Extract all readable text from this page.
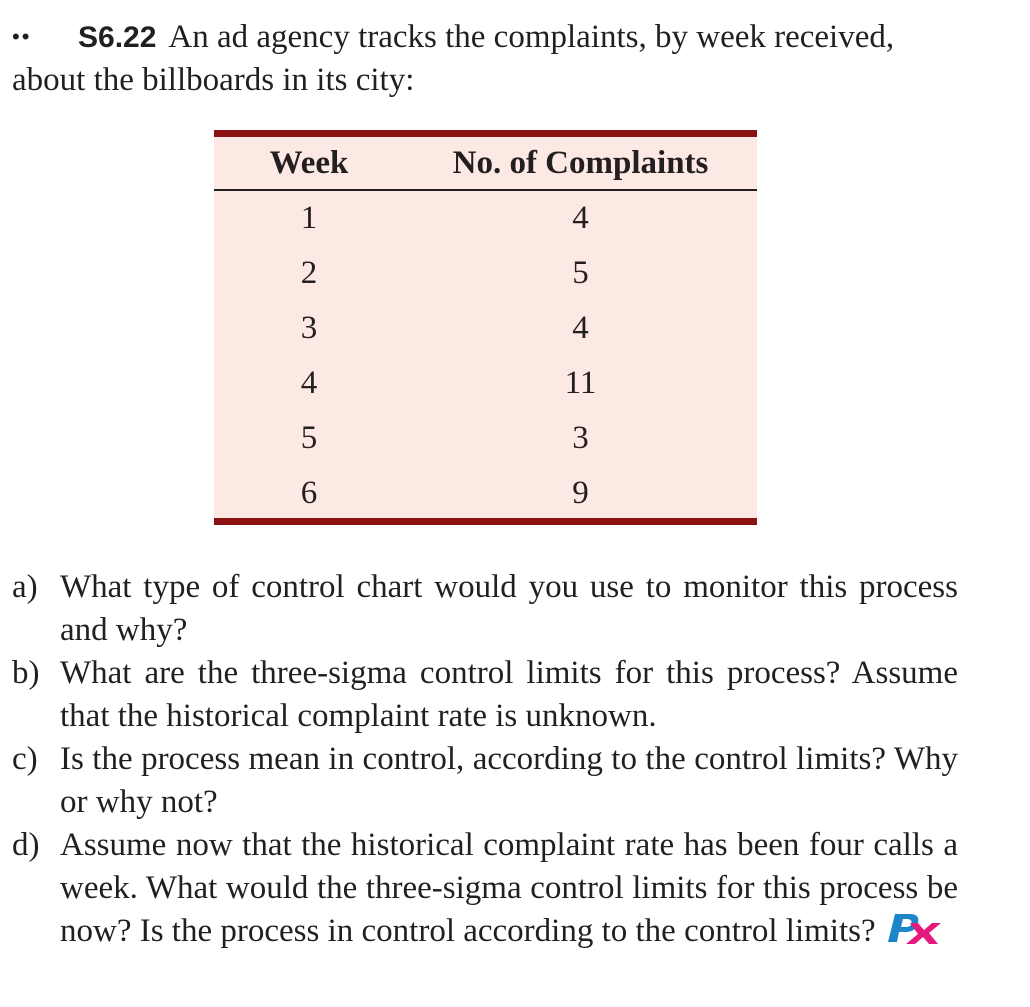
•• S6.22 An ad agency tracks the complaints, by week received, about the billboards in its city:

Week	No. of Complaints
1	4
2	5
3	4
4	11
5	3
6	9
a) What type of control chart would you use to monitor this process and why?
b) What are the three-sigma control limits for this process? Assume that the historical complaint rate is unknown.
c) Is the process mean in control, according to the control limits? Why or why not?
d) Assume now that the historical complaint rate has been four calls a week. What would the three-sigma control limits for this process be now? Is the process in control according to the control limits?
